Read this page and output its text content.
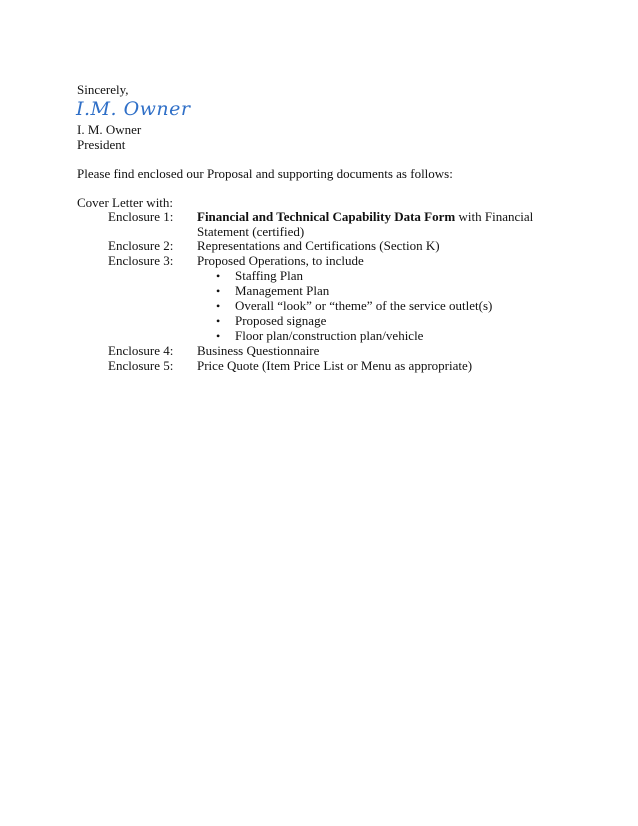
Sincerely,
I.M. Owner
I. M. Owner
President
Please find enclosed our Proposal and supporting documents as follows:
Cover Letter with:
Enclosure 1: Financial and Technical Capability Data Form with Financial Statement (certified)
Enclosure 2: Representations and Certifications (Section K)
Enclosure 3: Proposed Operations, to include
• Staffing Plan
• Management Plan
• Overall “look” or “theme” of the service outlet(s)
• Proposed signage
• Floor plan/construction plan/vehicle
Enclosure 4: Business Questionnaire
Enclosure 5: Price Quote (Item Price List or Menu as appropriate)
